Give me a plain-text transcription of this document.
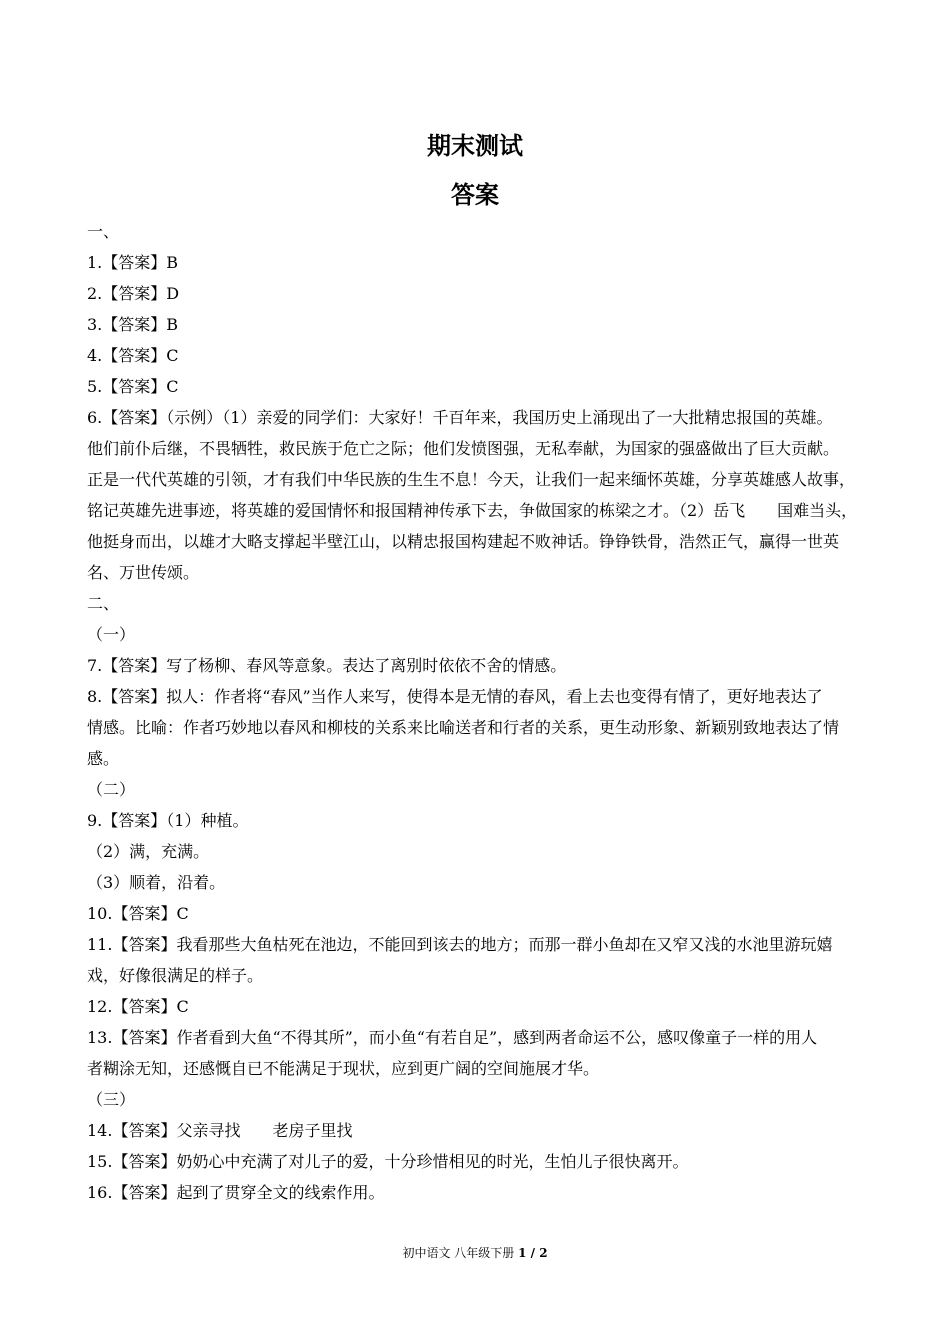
期末测试
答案
一、
1.【答案】B
2.【答案】D
3.【答案】B
4.【答案】C
5.【答案】C
6.【答案】（示例）（1）亲爱的同学们：大家好！千百年来，我国历史上涌现出了一大批精忠报国的英雄。
他们前仆后继，不畏牺牲，救民族于危亡之际；他们发愤图强，无私奉献，为国家的强盛做出了巨大贡献。
正是一代代英雄的引领，才有我们中华民族的生生不息！今天，让我们一起来缅怀英雄，分享英雄感人故事，
铭记英雄先进事迹，将英雄的爱国情怀和报国精神传承下去，争做国家的栋梁之才。（2）岳飞　　国难当头，
他挺身而出，以雄才大略支撑起半壁江山，以精忠报国构建起不败神话。铮铮铁骨，浩然正气，赢得一世英
名、万世传颂。
二、
（一）
7.【答案】写了杨柳、春风等意象。表达了离别时依依不舍的情感。
8.【答案】拟人：作者将“春风”当作人来写，使得本是无情的春风，看上去也变得有情了，更好地表达了
情感。比喻：作者巧妙地以春风和柳枝的关系来比喻送者和行者的关系，更生动形象、新颖别致地表达了情
感。
（二）
9.【答案】（1）种植。
（2）满，充满。
（3）顺着，沿着。
10.【答案】C
11.【答案】我看那些大鱼枯死在池边，不能回到该去的地方；而那一群小鱼却在又窄又浅的水池里游玩嬉
戏，好像很满足的样子。
12.【答案】C
13.【答案】作者看到大鱼“不得其所”，而小鱼“有若自足”，感到两者命运不公，感叹像童子一样的用人
者糊涂无知，还感慨自已不能满足于现状，应到更广阔的空间施展才华。
（三）
14.【答案】父亲寻找　　老房子里找
15.【答案】奶奶心中充满了对儿子的爱，十分珍惜相见的时光，生怕儿子很快离开。
16.【答案】起到了贯穿全文的线索作用。
初中语文 八年级下册 1 / 2
